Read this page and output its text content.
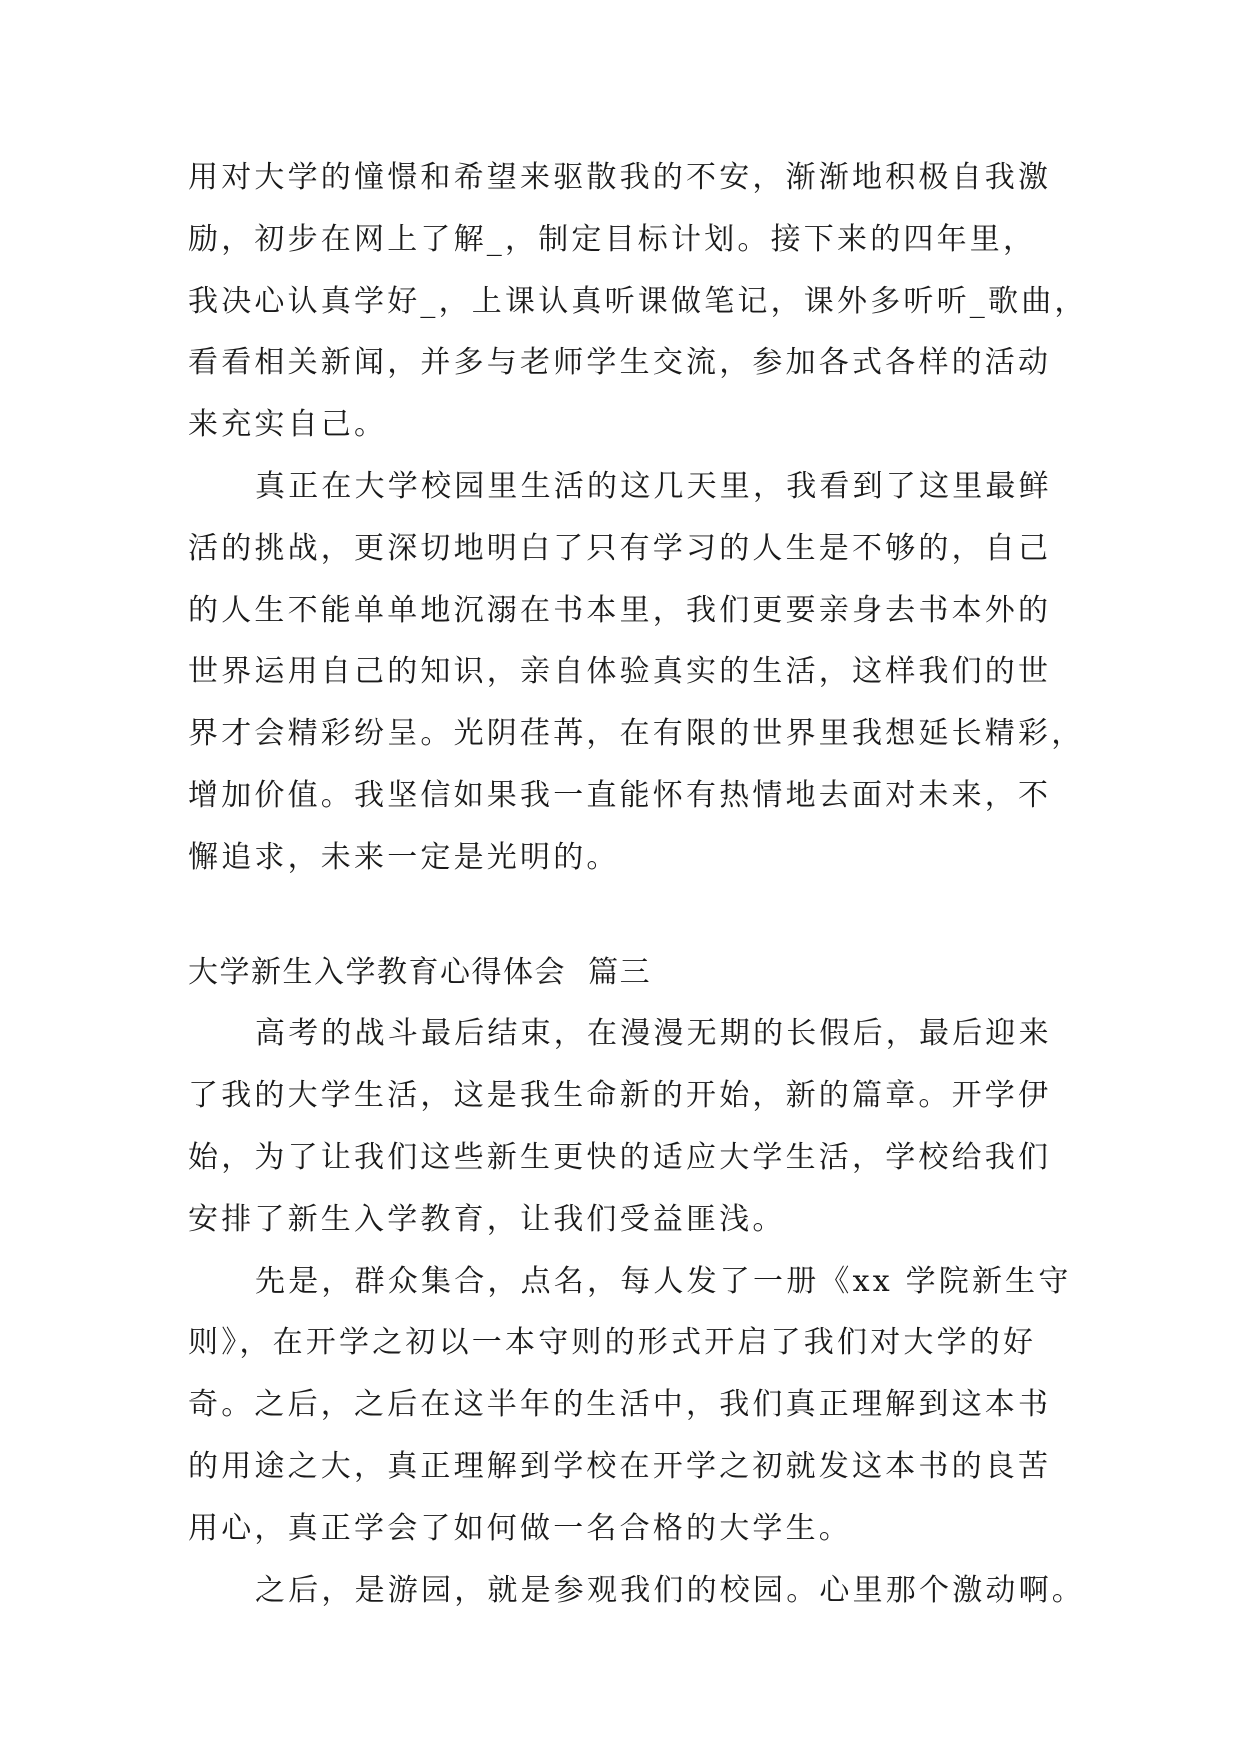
用对大学的憧憬和希望来驱散我的不安，渐渐地积极自我激
励，初步在网上了解_，制定目标计划。接下来的四年里，
我决心认真学好_，上课认真听课做笔记，课外多听听_歌曲，
看看相关新闻，并多与老师学生交流，参加各式各样的活动
来充实自己。
真正在大学校园里生活的这几天里，我看到了这里最鲜
活的挑战，更深切地明白了只有学习的人生是不够的，自己
的人生不能单单地沉溺在书本里，我们更要亲身去书本外的
世界运用自己的知识，亲自体验真实的生活，这样我们的世
界才会精彩纷呈。光阴荏苒，在有限的世界里我想延长精彩，
增加价值。我坚信如果我一直能怀有热情地去面对未来，不
懈追求，未来一定是光明的。
大学新生入学教育心得体会  篇三
高考的战斗最后结束，在漫漫无期的长假后，最后迎来
了我的大学生活，这是我生命新的开始，新的篇章。开学伊
始，为了让我们这些新生更快的适应大学生活，学校给我们
安排了新生入学教育，让我们受益匪浅。
先是，群众集合，点名，每人发了一册《xx 学院新生守
则》，在开学之初以一本守则的形式开启了我们对大学的好
奇。之后，之后在这半年的生活中，我们真正理解到这本书
的用途之大，真正理解到学校在开学之初就发这本书的良苦
用心，真正学会了如何做一名合格的大学生。
之后，是游园，就是参观我们的校园。心里那个激动啊。
